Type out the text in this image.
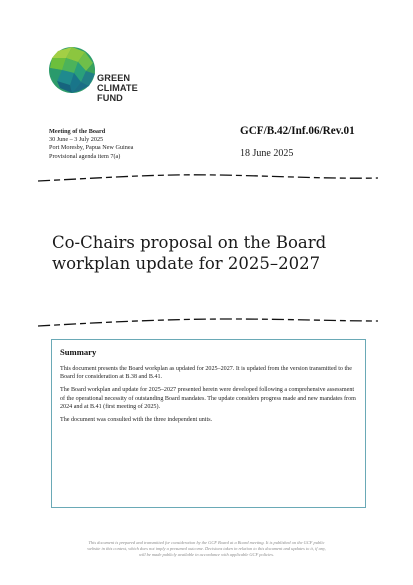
GREEN
CLIMATE
FUND
Meeting of the Board
30 June – 3 July 2025
Port Moresby, Papua New Guinea
Provisional agenda item 7(a)
GCF/B.42/Inf.06/Rev.01
18 June 2025
Co-Chairs proposal on the Board workplan update for 2025–2027
Summary

This document presents the Board workplan as updated for 2025–2027. It is updated from the version transmitted to the Board for consideration at B.38 and B.41.

The Board workplan and update for 2025–2027 presented herein were developed following a comprehensive assessment of the operational necessity of outstanding Board mandates. The update considers progress made and new mandates from 2024 and at B.41 (first meeting of 2025).

The document was consulted with the three independent units.

This document is prepared and transmitted for consideration by the GCF Board at a Board meeting. It is published on the GCF public
website in this context, which does not imply a presumed outcome. Decisions taken in relation to this document and updates to it, if any,
will be made publicly available in accordance with applicable GCF policies.
